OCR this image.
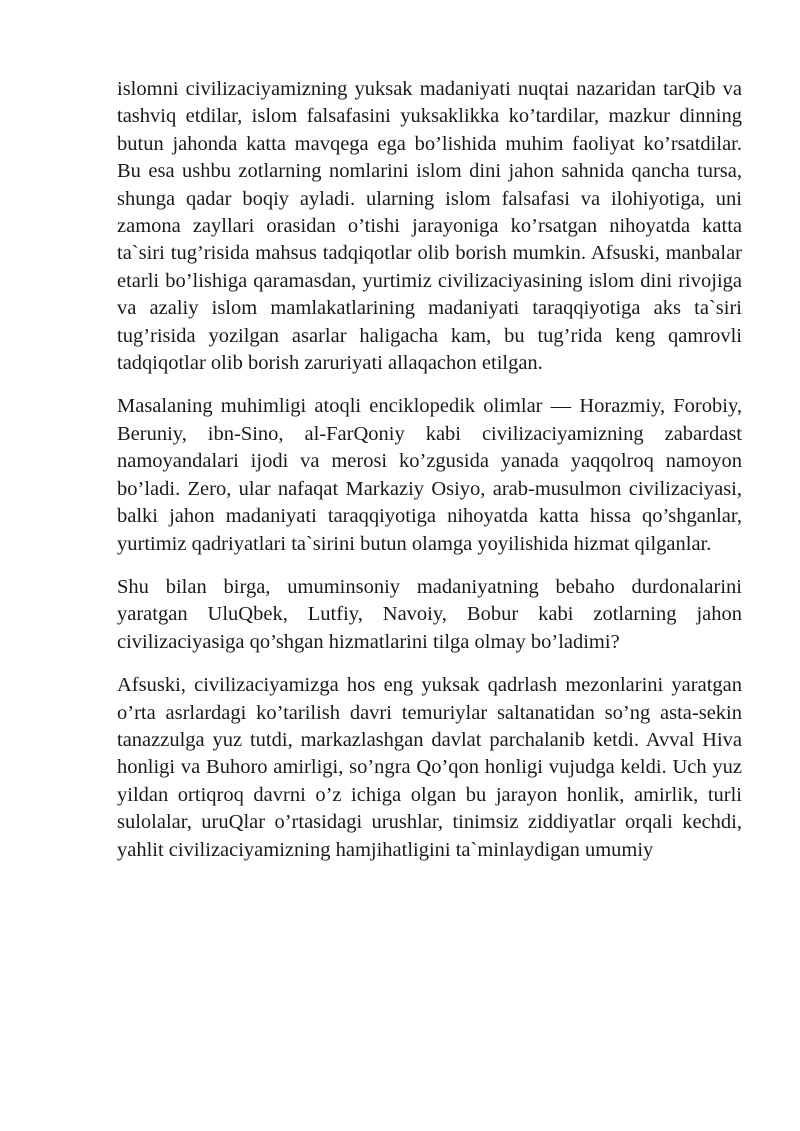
islomni civilizaciyamizning yuksak madaniyati nuqtai nazaridan tarQib va tashviq etdilar, islom falsafasini yuksaklikka ko’tardilar, mazkur dinning butun jahonda katta mavqega ega bo’lishida muhim faoliyat ko’rsatdilar. Bu esa ushbu zotlarning nomlarini islom dini jahon sahnida qancha tursa, shunga qadar boqiy ayladi. ularning islom falsafasi va ilohiyotiga, uni zamona zayllari orasidan o’tishi jarayoniga ko’rsatgan nihoyatda katta ta`siri tug’risida mahsus tadqiqotlar olib borish mumkin. Afsuski, manbalar etarli bo’lishiga qaramasdan, yurtimiz civilizaciyasining islom dini rivojiga va azaliy islom mamlakatlarining madaniyati taraqqiyotiga aks ta`siri tug’risida yozilgan asarlar haligacha kam, bu tug’rida keng qamrovli tadqiqotlar olib borish zaruriyati allaqachon etilgan.

Masalaning muhimligi atoqli enciklopedik olimlar — Horazmiy, Forobiy, Beruniy, ibn-Sino, al-FarQoniy kabi civilizaciyamizning zabardast namoyandalari ijodi va merosi ko’zgusida yanada yaqqolroq namoyon bo’ladi. Zero, ular nafaqat Markaziy Osiyo, arab-musulmon civilizaciyasi, balki jahon madaniyati taraqqiyotiga nihoyatda katta hissa qo’shganlar, yurtimiz qadriyatlari ta`sirini butun olamga yoyilishida hizmat qilganlar.

Shu bilan birga, umuminsoniy madaniyatning bebaho durdonalarini yaratgan UluQbek, Lutfiy, Navoiy, Bobur kabi zotlarning jahon civilizaciyasiga qo’shgan hizmatlarini tilga olmay bo’ladimi?

Afsuski, civilizaciyamizga hos eng yuksak qadrlash mezonlarini yaratgan o’rta asrlardagi ko’tarilish davri temuriylar saltanatidan so’ng asta-sekin tanazzulga yuz tutdi, markazlashgan davlat parchalanib ketdi. Avval Hiva honligi va Buhoro amirligi, so’ngra Qo’qon honligi vujudga keldi. Uch yuz yildan ortiqroq davrni o’z ichiga olgan bu jarayon honlik, amirlik, turli sulolalar, uruQlar o’rtasidagi urushlar, tinimsiz ziddiyatlar orqali kechdi, yahlit civilizaciyamizning hamjihatligini ta`minlaydigan umumiy
